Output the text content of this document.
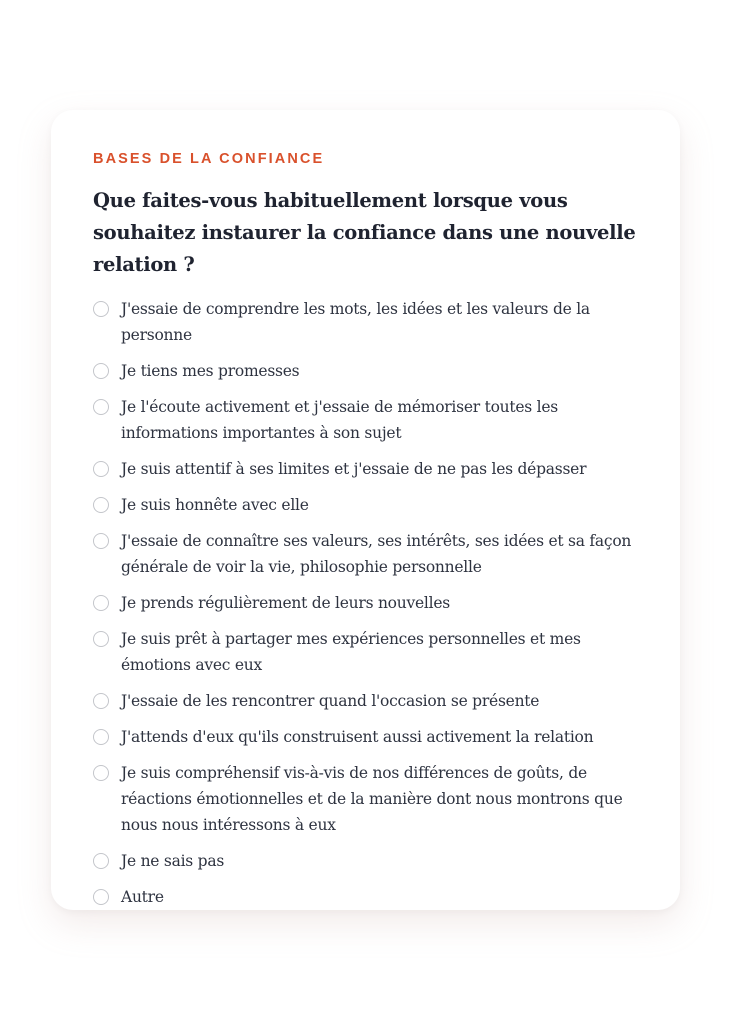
BASES DE LA CONFIANCE
Que faites-vous habituellement lorsque vous souhaitez instaurer la confiance dans une nouvelle relation ?
J'essaie de comprendre les mots, les idées et les valeurs de la personne
Je tiens mes promesses
Je l'écoute activement et j'essaie de mémoriser toutes les informations importantes à son sujet
Je suis attentif à ses limites et j'essaie de ne pas les dépasser
Je suis honnête avec elle
J'essaie de connaître ses valeurs, ses intérêts, ses idées et sa façon générale de voir la vie, philosophie personnelle
Je prends régulièrement de leurs nouvelles
Je suis prêt à partager mes expériences personnelles et mes émotions avec eux
J'essaie de les rencontrer quand l'occasion se présente
J'attends d'eux qu'ils construisent aussi activement la relation
Je suis compréhensif vis-à-vis de nos différences de goûts, de réactions émotionnelles et de la manière dont nous montrons que nous nous intéressons à eux
Je ne sais pas
Autre
